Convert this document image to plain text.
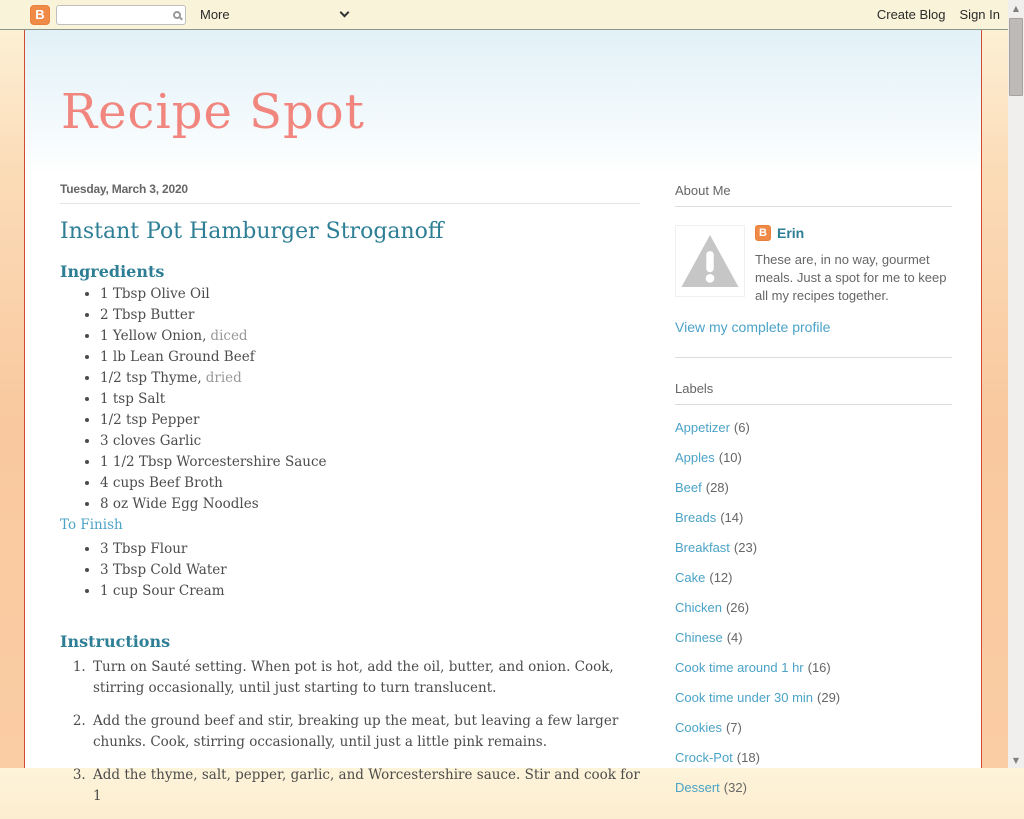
B	More	Create Blog Sign In
Recipe Spot
Tuesday, March 3, 2020
Instant Pot Hamburger Stroganoff
Ingredients
• 1 Tbsp Olive Oil
• 2 Tbsp Butter
• 1 Yellow Onion, diced
• 1 lb Lean Ground Beef
• 1/2 tsp Thyme, dried
• 1 tsp Salt
• 1/2 tsp Pepper
• 3 cloves Garlic
• 1 1/2 Tbsp Worcestershire Sauce
• 4 cups Beef Broth
• 8 oz Wide Egg Noodles
To Finish
• 3 Tbsp Flour
• 3 Tbsp Cold Water
• 1 cup Sour Cream
Instructions
1. Turn on Sauté setting. When pot is hot, add the oil, butter, and onion. Cook, stirring occasionally, until just starting to turn translucent.
2. Add the ground beef and stir, breaking up the meat, but leaving a few larger chunks. Cook, stirring occasionally, until just a little pink remains.
3. Add the thyme, salt, pepper, garlic, and Worcestershire sauce. Stir and cook for 1
About Me
B Erin
These are, in no way, gourmet meals. Just a spot for me to keep all my recipes together.
View my complete profile
Labels
Appetizer (6)
Apples (10)
Beef (28)
Breads (14)
Breakfast (23)
Cake (12)
Chicken (26)
Chinese (4)
Cook time around 1 hr (16)
Cook time under 30 min (29)
Cookies (7)
Crock-Pot (18)
Dessert (32)
▲
▼
